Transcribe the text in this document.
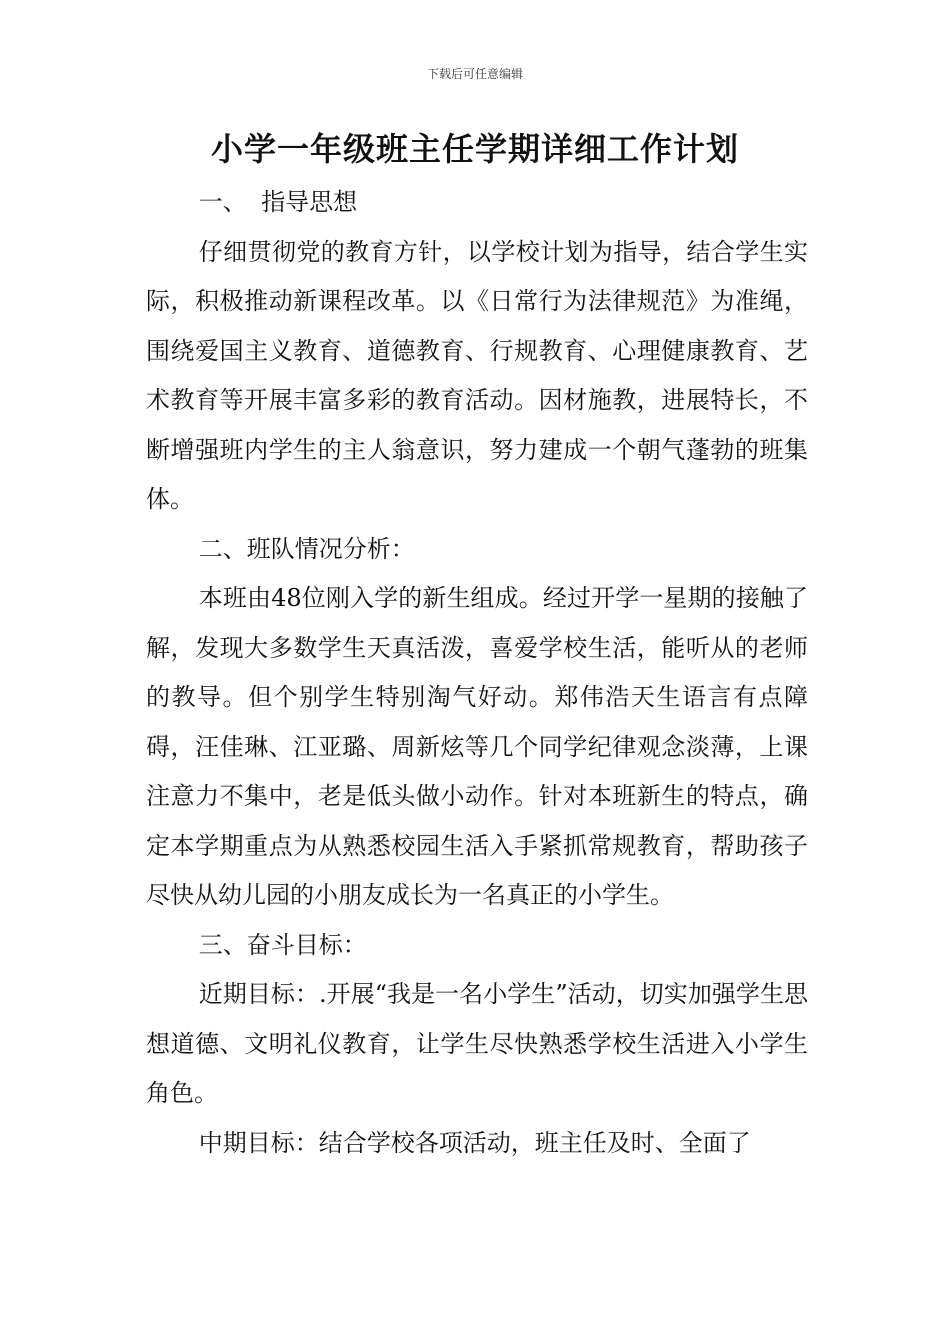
下载后可任意编辑
小学一年级班主任学期详细工作计划

一、 指导思想

仔细贯彻党的教育方针，以学校计划为指导，结合学生实际，积极推动新课程改革。以《日常行为法律规范》为准绳，围绕爱国主义教育、道德教育、行规教育、心理健康教育、艺术教育等开展丰富多彩的教育活动。因材施教，进展特长，不断增强班内学生的主人翁意识，努力建成一个朝气蓬勃的班集体。

二、班队情况分析：

本班由48位刚入学的新生组成。经过开学一星期的接触了解，发现大多数学生天真活泼，喜爱学校生活，能听从的老师的教导。但个别学生特别淘气好动。郑伟浩天生语言有点障碍，汪佳琳、江亚璐、周新炫等几个同学纪律观念淡薄，上课注意力不集中，老是低头做小动作。针对本班新生的特点，确定本学期重点为从熟悉校园生活入手紧抓常规教育，帮助孩子尽快从幼儿园的小朋友成长为一名真正的小学生。

三、奋斗目标：

近期目标：.开展“我是一名小学生”活动，切实加强学生思想道德、文明礼仪教育，让学生尽快熟悉学校生活进入小学生角色。

中期目标：结合学校各项活动，班主任及时、全面了
